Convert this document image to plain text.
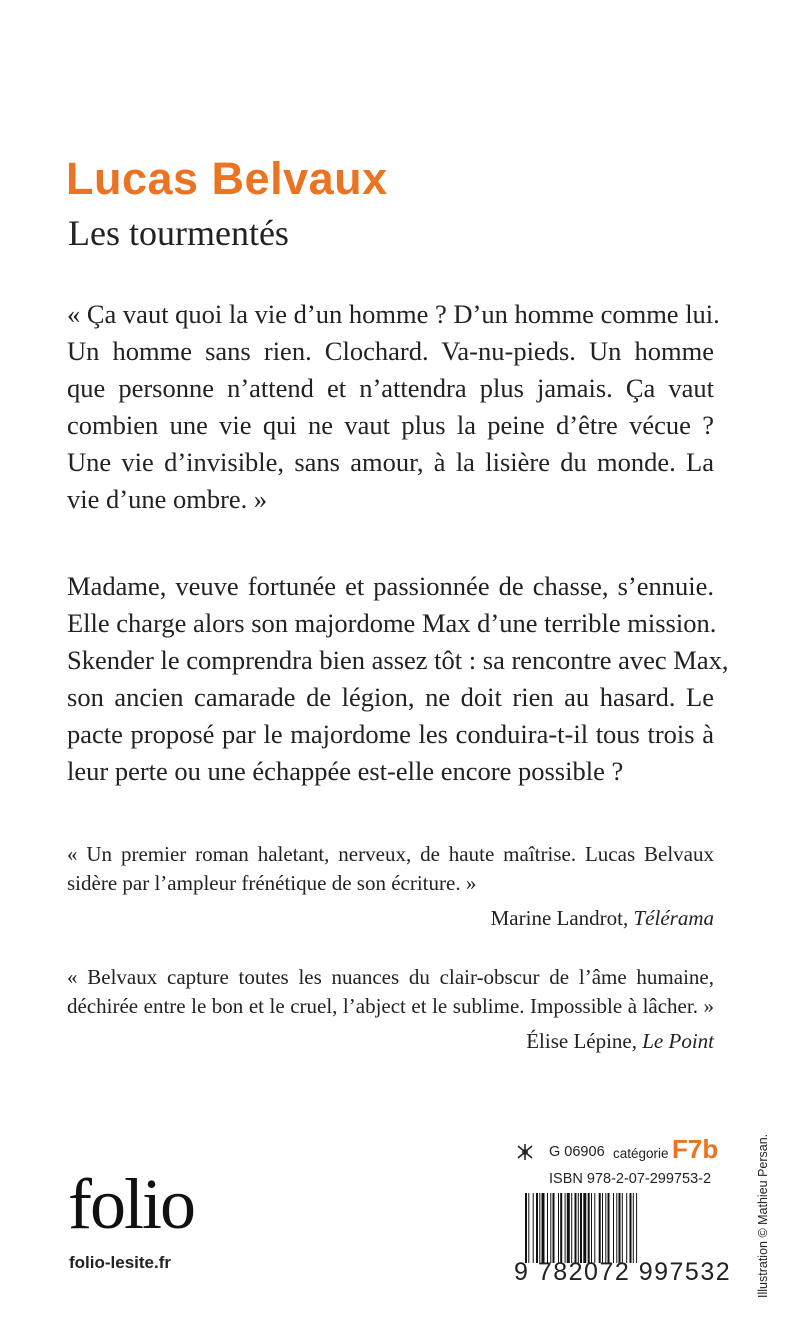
Lucas Belvaux
Les tourmentés
« Ça vaut quoi la vie d’un homme ? D’un homme comme lui.
Un homme sans rien. Clochard. Va-nu-pieds. Un homme
que personne n’attend et n’attendra plus jamais. Ça vaut
combien une vie qui ne vaut plus la peine d’être vécue ?
Une vie d’invisible, sans amour, à la lisière du monde. La
vie d’une ombre. »
Madame, veuve fortunée et passionnée de chasse, s’ennuie.
Elle charge alors son majordome Max d’une terrible mission.
Skender le comprendra bien assez tôt : sa rencontre avec Max,
son ancien camarade de légion, ne doit rien au hasard. Le
pacte proposé par le majordome les conduira-t-il tous trois à
leur perte ou une échappée est-elle encore possible ?
« Un premier roman haletant, nerveux, de haute maîtrise. Lucas Belvaux
sidère par l’ampleur frénétique de son écriture. »
Marine Landrot, Télérama
« Belvaux capture toutes les nuances du clair-obscur de l’âme humaine,
déchirée entre le bon et le cruel, l’abject et le sublime. Impossible à lâcher. »
Élise Lépine, Le Point
G 06906 catégorie F7b
ISBN 978-2-07-299753-2
9 782072 997532
folio
folio-lesite.fr	Illustration © Mathieu Persan.
